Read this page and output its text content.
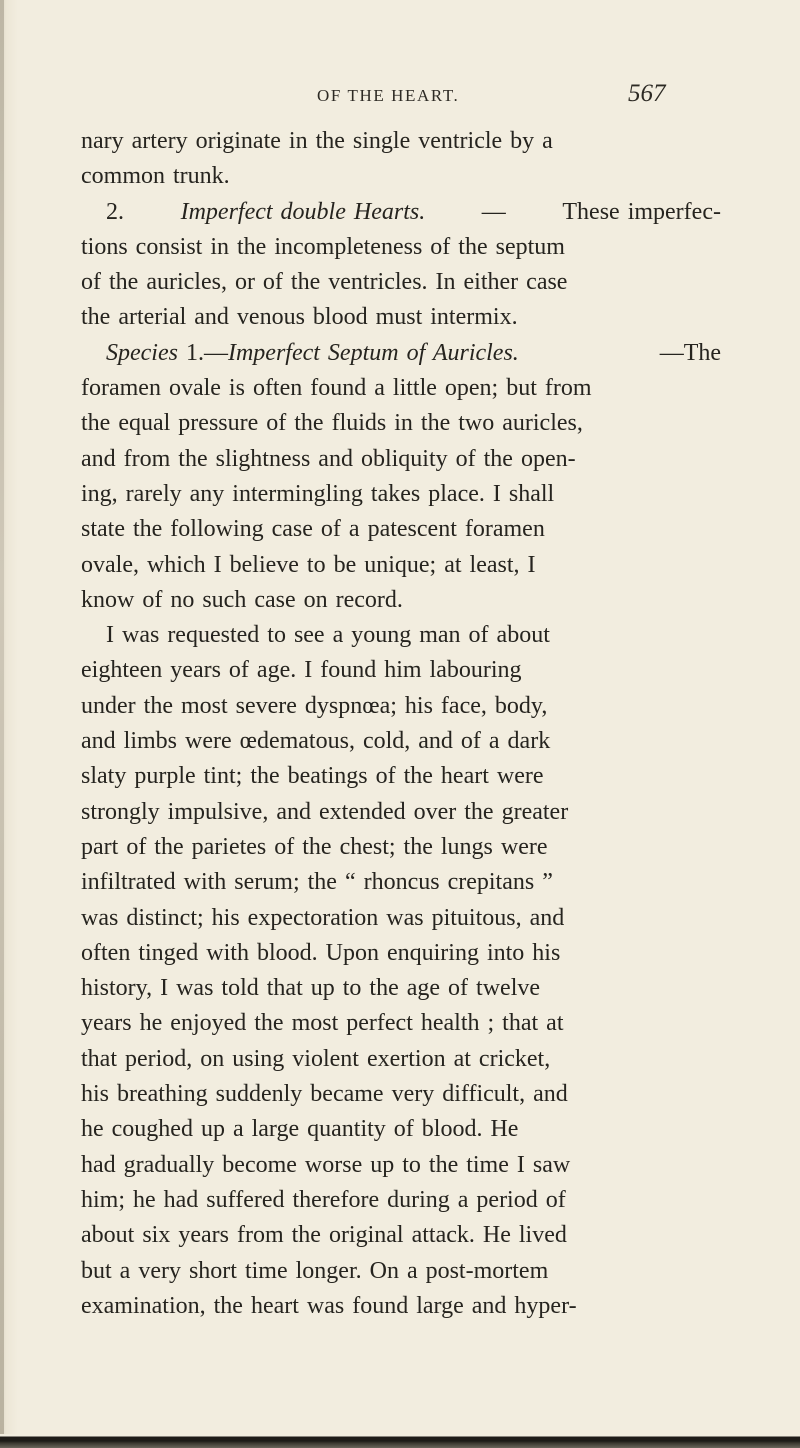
OF THE HEART.	567
nary artery originate in the single ventricle by a
common trunk.
2. Imperfect double Hearts. — These imperfec-
tions consist in the incompleteness of the septum
of the auricles, or of the ventricles. In either case
the arterial and venous blood must intermix.
Species 1.—Imperfect Septum of Auricles.	—The
foramen ovale is often found a little open; but from
the equal pressure of the fluids in the two auricles,
and from the slightness and obliquity of the open-
ing, rarely any intermingling takes place. I shall
state the following case of a patescent foramen
ovale, which I believe to be unique; at least, I
know of no such case on record.
I was requested to see a young man of about
eighteen years of age. I found him labouring
under the most severe dyspnœa; his face, body,
and limbs were œdematous, cold, and of a dark
slaty purple tint; the beatings of the heart were
strongly impulsive, and extended over the greater
part of the parietes of the chest; the lungs were
infiltrated with serum; the “ rhoncus crepitans ”
was distinct; his expectoration was pituitous, and
often tinged with blood. Upon enquiring into his
history, I was told that up to the age of twelve
years he enjoyed the most perfect health ; that at
that period, on using violent exertion at cricket,
his breathing suddenly became very difficult, and
he coughed up a large quantity of blood. He
had gradually become worse up to the time I saw
him; he had suffered therefore during a period of
about six years from the original attack. He lived
but a very short time longer. On a post-mortem
examination, the heart was found large and hyper-
